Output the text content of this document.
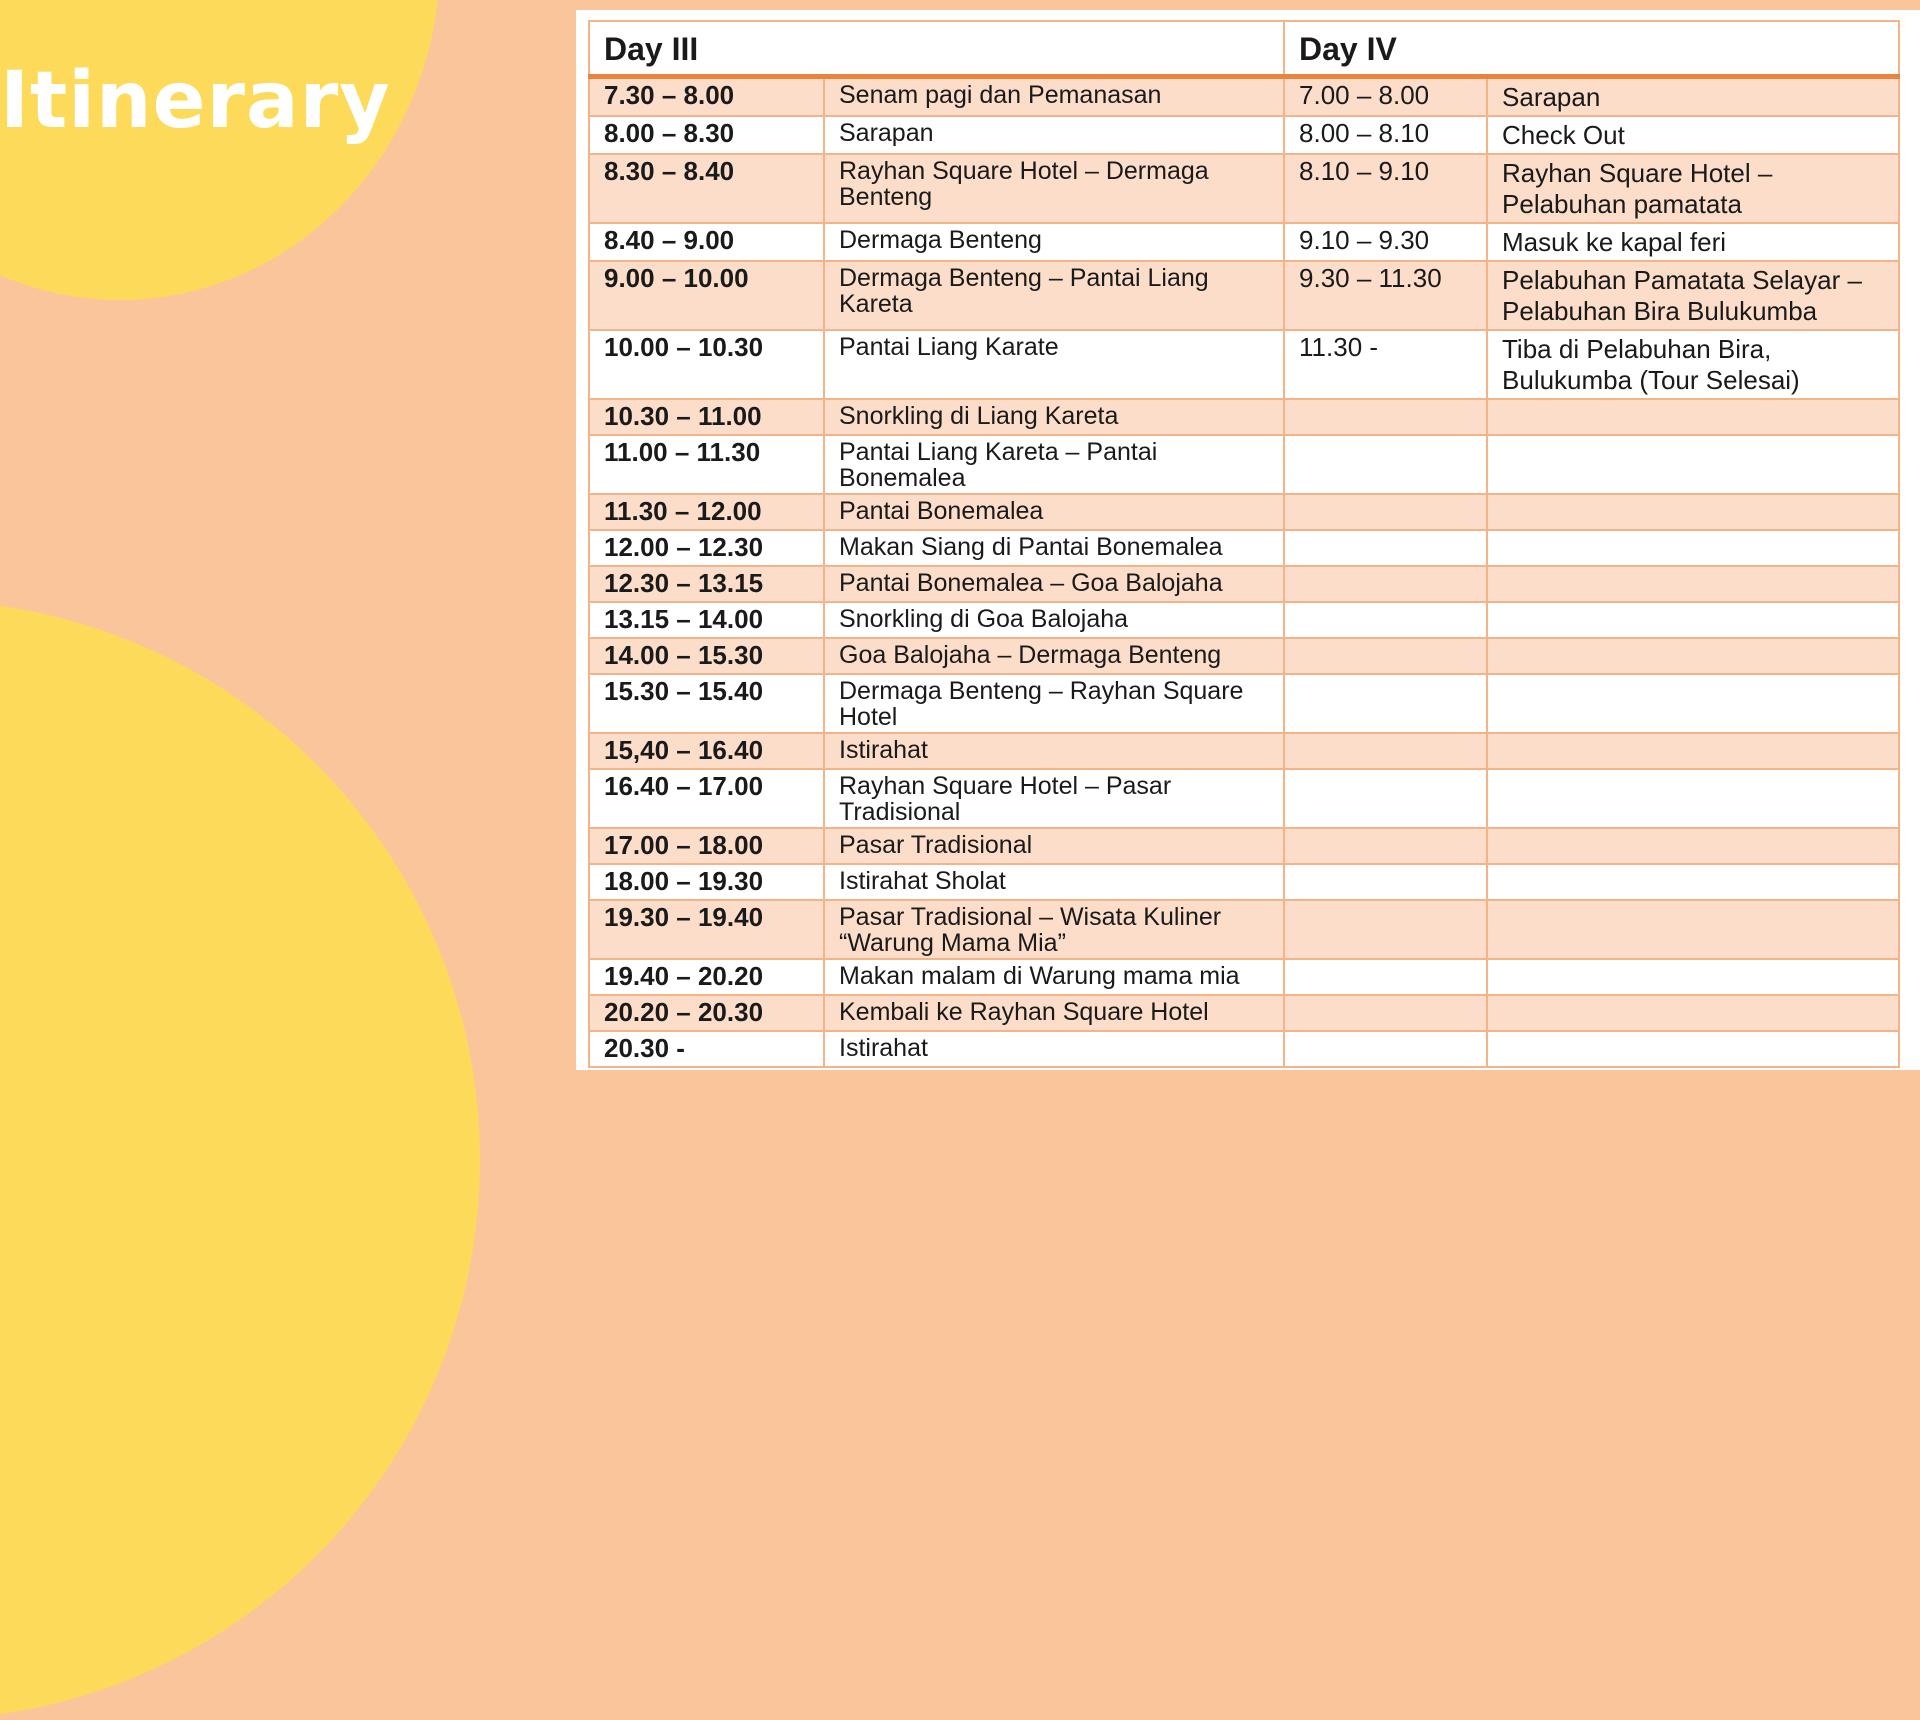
Itinerary
Day III		Day IV	
7.30 – 8.00	Senam pagi dan Pemanasan	7.00 – 8.00	Sarapan
8.00 – 8.30	Sarapan	8.00 – 8.10	Check Out
8.30 – 8.40	Rayhan Square Hotel – Dermaga Benteng	8.10 – 9.10	Rayhan Square Hotel – Pelabuhan pamatata
8.40 – 9.00	Dermaga Benteng	9.10 – 9.30	Masuk ke kapal feri
9.00 – 10.00	Dermaga Benteng – Pantai Liang Kareta	9.30 – 11.30	Pelabuhan Pamatata Selayar – Pelabuhan Bira Bulukumba
10.00 – 10.30	Pantai Liang Karate	11.30 -	Tiba di Pelabuhan Bira, Bulukumba (Tour Selesai)
10.30 – 11.00	Snorkling di Liang Kareta		
11.00 – 11.30	Pantai Liang Kareta – Pantai Bonemalea		
11.30 – 12.00	Pantai Bonemalea		
12.00 – 12.30	Makan Siang di Pantai Bonemalea		
12.30 – 13.15	Pantai Bonemalea – Goa Balojaha		
13.15 – 14.00	Snorkling di Goa Balojaha		
14.00 – 15.30	Goa Balojaha – Dermaga Benteng		
15.30 – 15.40	Dermaga Benteng – Rayhan Square Hotel		
15,40 – 16.40	Istirahat		
16.40 – 17.00	Rayhan Square Hotel – Pasar Tradisional		
17.00 – 18.00	Pasar Tradisional		
18.00 – 19.30	Istirahat Sholat		
19.30 – 19.40	Pasar Tradisional – Wisata Kuliner “Warung Mama Mia”		
19.40 – 20.20	Makan malam di Warung mama mia		
20.20 – 20.30	Kembali ke Rayhan Square Hotel		
20.30 -	Istirahat		
